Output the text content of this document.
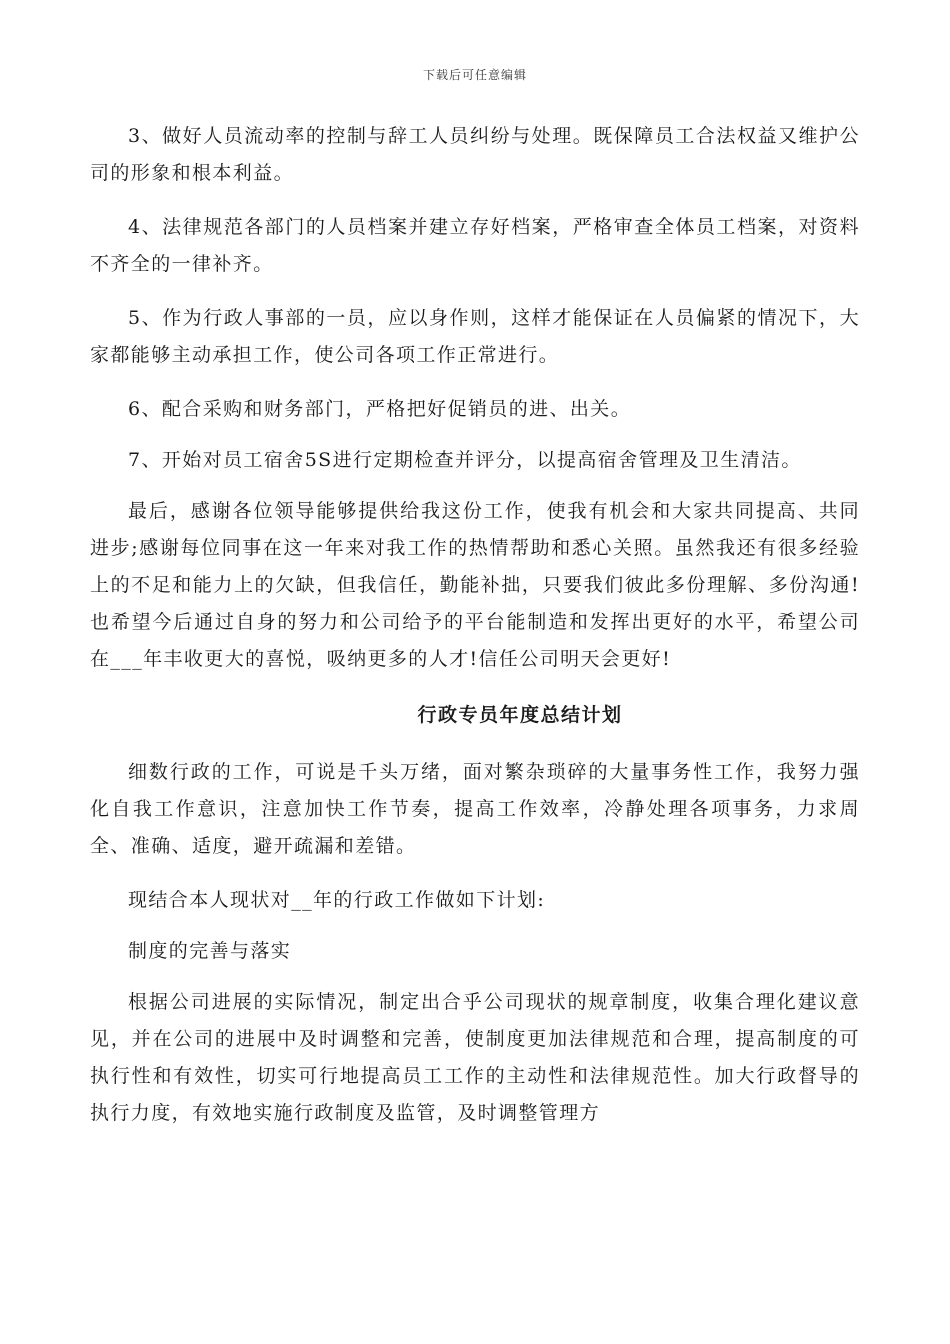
下载后可任意编辑

3、做好人员流动率的控制与辞工人员纠纷与处理。既保障员工合法权益又维护公司的形象和根本利益。

4、法律规范各部门的人员档案并建立存好档案，严格审查全体员工档案，对资料不齐全的一律补齐。

5、作为行政人事部的一员，应以身作则，这样才能保证在人员偏紧的情况下，大家都能够主动承担工作，使公司各项工作正常进行。

6、配合采购和财务部门，严格把好促销员的进、出关。

7、开始对员工宿舍5S进行定期检查并评分，以提高宿舍管理及卫生清洁。

最后，感谢各位领导能够提供给我这份工作，使我有机会和大家共同提高、共同进步;感谢每位同事在这一年来对我工作的热情帮助和悉心关照。虽然我还有很多经验上的不足和能力上的欠缺，但我信任，勤能补拙，只要我们彼此多份理解、多份沟通!也希望今后通过自身的努力和公司给予的平台能制造和发挥出更好的水平，希望公司在___年丰收更大的喜悦，吸纳更多的人才!信任公司明天会更好!

行政专员年度总结计划

细数行政的工作，可说是千头万绪，面对繁杂琐碎的大量事务性工作，我努力强化自我工作意识，注意加快工作节奏，提高工作效率，冷静处理各项事务，力求周全、准确、适度，避开疏漏和差错。

现结合本人现状对__年的行政工作做如下计划:

制度的完善与落实

根据公司进展的实际情况，制定出合乎公司现状的规章制度，收集合理化建议意见，并在公司的进展中及时调整和完善，使制度更加法律规范和合理，提高制度的可执行性和有效性，切实可行地提高员工工作的主动性和法律规范性。加大行政督导的执行力度，有效地实施行政制度及监管，及时调整管理方
